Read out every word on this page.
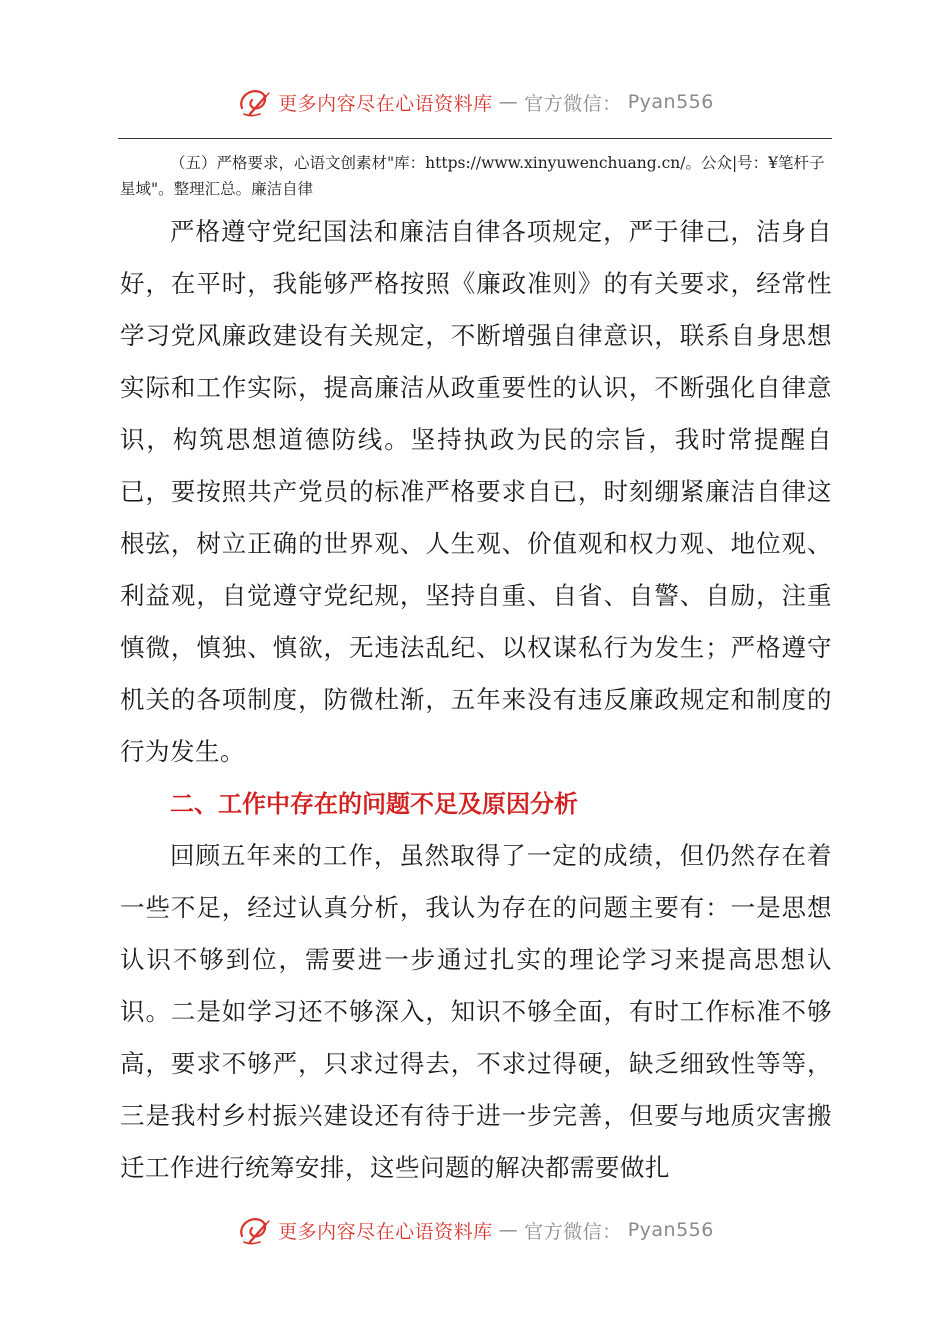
更多内容尽在心语资料库 — 官方微信： Pyan556
（五）严格要求，心语文创素材"库：https://www.xinyuwenchuang.cn/。公众|号：¥笔杆子星域"。整理汇总。廉洁自律

严格遵守党纪国法和廉洁自律各项规定，严于律己，洁身自好，在平时，我能够严格按照《廉政准则》的有关要求，经常性学习党风廉政建设有关规定，不断增强自律意识，联系自身思想实际和工作实际，提高廉洁从政重要性的认识，不断强化自律意识，构筑思想道德防线。坚持执政为民的宗旨，我时常提醒自已，要按照共产党员的标准严格要求自已，时刻绷紧廉洁自律这根弦，树立正确的世界观、人生观、价值观和权力观、地位观、利益观，自觉遵守党纪规，坚持自重、自省、自警、自励，注重慎微，慎独、慎欲，无违法乱纪、以权谋私行为发生；严格遵守机关的各项制度，防微杜渐，五年来没有违反廉政规定和制度的行为发生。

二、工作中存在的问题不足及原因分析

回顾五年来的工作，虽然取得了一定的成绩，但仍然存在着一些不足，经过认真分析，我认为存在的问题主要有：一是思想认识不够到位，需要进一步通过扎实的理论学习来提高思想认识。二是如学习还不够深入，知识不够全面，有时工作标准不够高，要求不够严，只求过得去，不求过得硬，缺乏细致性等等，三是我村乡村振兴建设还有待于进一步完善，但要与地质灾害搬迁工作进行统筹安排，这些问题的解决都需要做扎

更多内容尽在心语资料库 — 官方微信： Pyan556
